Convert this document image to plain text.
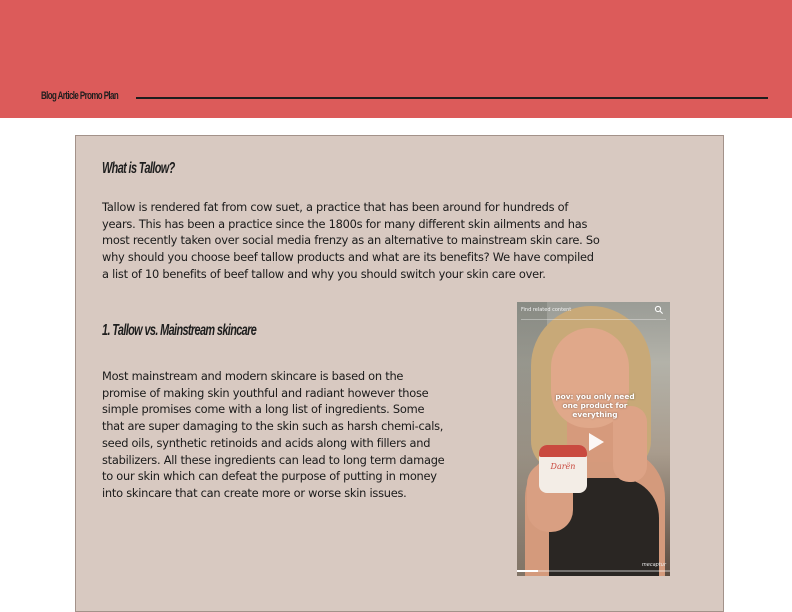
Blog Article Promo Plan
What is Tallow?
Tallow is rendered fat from cow suet, a practice that has been around for hundreds of years. This has been a practice since the 1800s for many different skin ailments and has most recently taken over social media frenzy as an alternative to mainstream skin care. So why should you choose beef tallow products and what are its benefits? We have compiled a list of 10 benefits of beef tallow and why you should switch your skin care over.
1. Tallow vs. Mainstream skincare
Most mainstream and modern skincare is based on the promise of making skin youthful and radiant however those simple promises come with a long list of ingredients. Some that are super damaging to the skin such as harsh chemi-cals, seed oils, synthetic retinoids and acids along with fillers and stabilizers. All these ingredients can lead to long term damage to our skin which can defeat the purpose of putting in money into skincare that can create more or worse skin issues.
Darën
Find related content
pov: you only need one product for everything
mecaptur
